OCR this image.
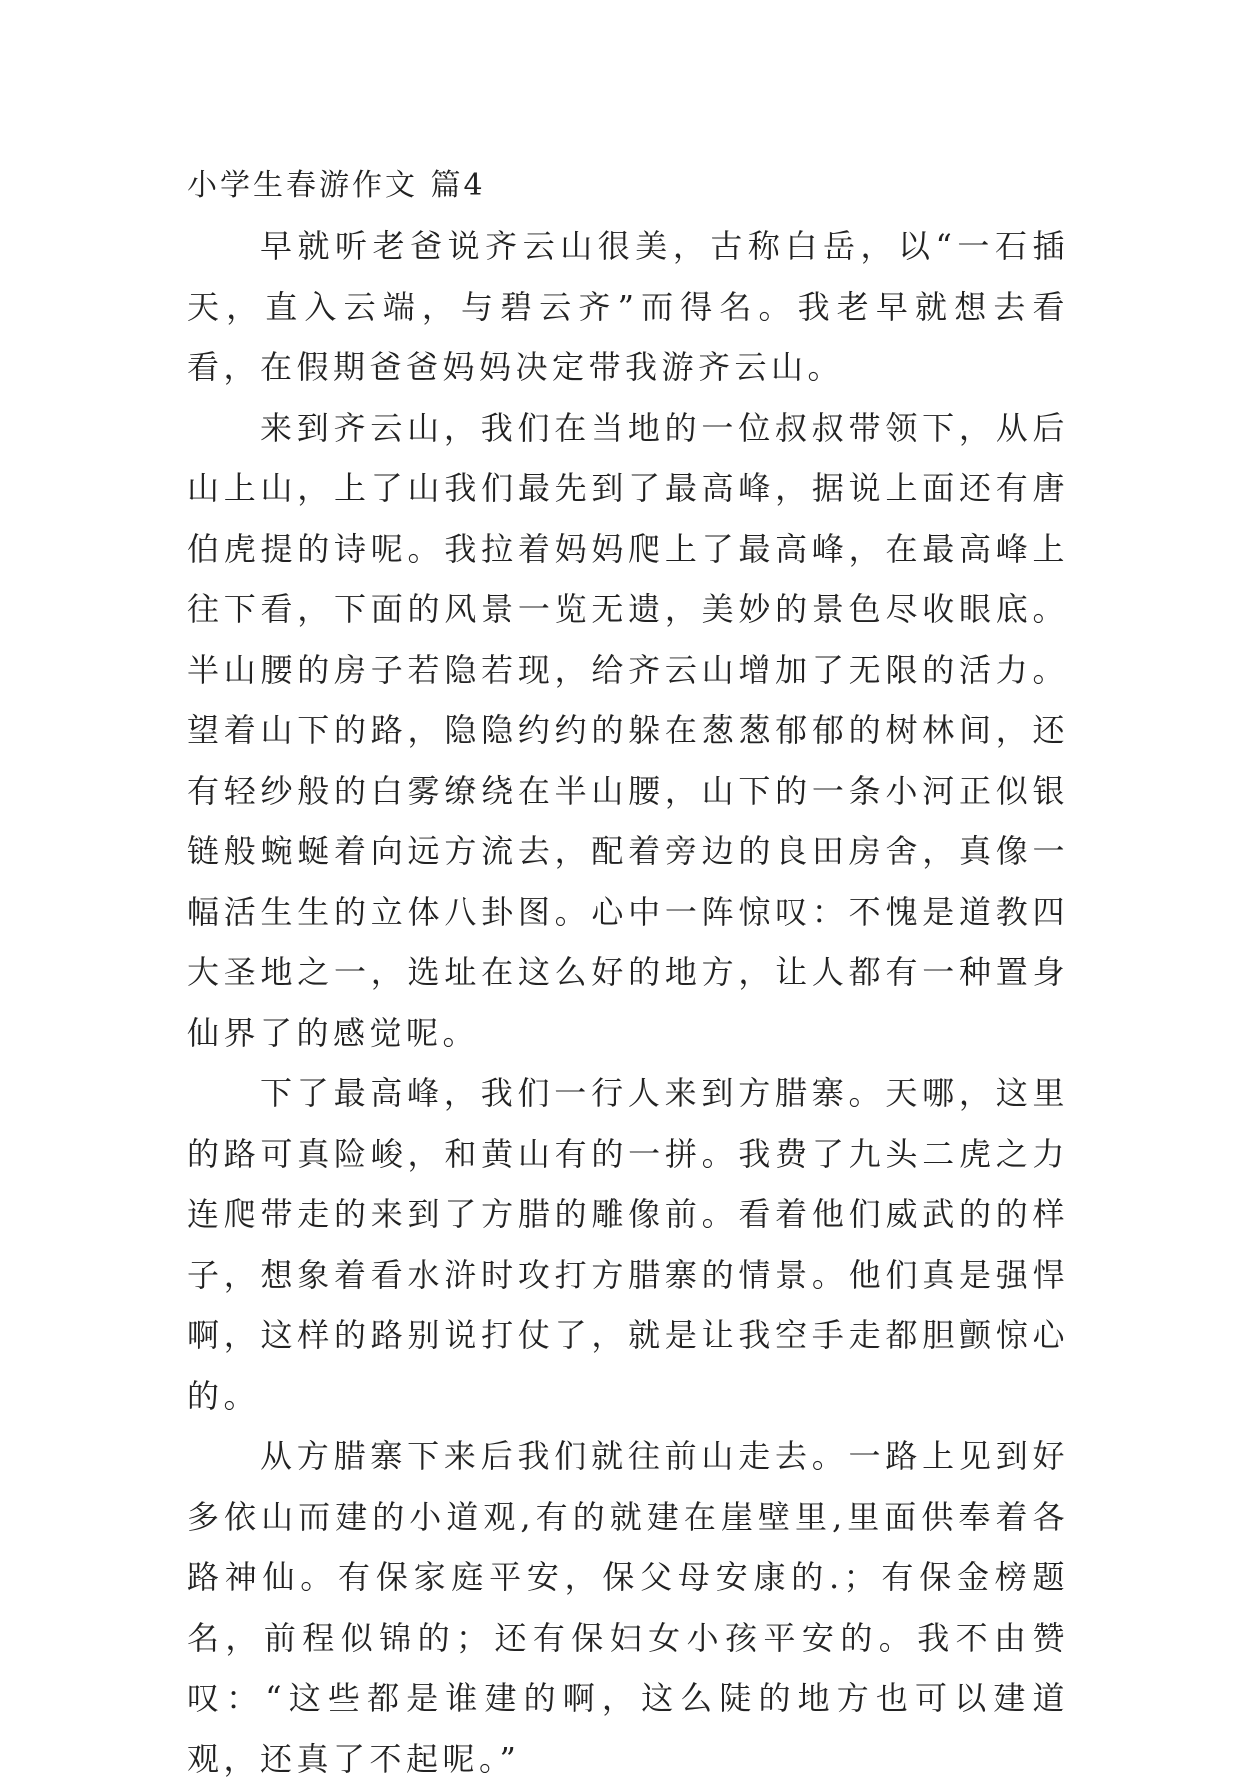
小学生春游作文 篇4

早就听老爸说齐云山很美，古称白岳，以“一石插天，直入云端，与碧云齐”而得名。我老早就想去看看，在假期爸爸妈妈决定带我游齐云山。

来到齐云山，我们在当地的一位叔叔带领下，从后山上山，上了山我们最先到了最高峰，据说上面还有唐伯虎提的诗呢。我拉着妈妈爬上了最高峰，在最高峰上往下看，下面的风景一览无遗，美妙的景色尽收眼底。半山腰的房子若隐若现，给齐云山增加了无限的活力。望着山下的路，隐隐约约的躲在葱葱郁郁的树林间，还有轻纱般的白雾缭绕在半山腰，山下的一条小河正似银链般蜿蜒着向远方流去，配着旁边的良田房舍，真像一幅活生生的立体八卦图。心中一阵惊叹：不愧是道教四大圣地之一，选址在这么好的地方，让人都有一种置身仙界了的感觉呢。

下了最高峰，我们一行人来到方腊寨。天哪，这里的路可真险峻，和黄山有的一拼。我费了九头二虎之力连爬带走的来到了方腊的雕像前。看着他们威武的的样子，想象着看水浒时攻打方腊寨的情景。他们真是强悍啊，这样的路别说打仗了，就是让我空手走都胆颤惊心的。

从方腊寨下来后我们就往前山走去。一路上见到好多依山而建的小道观,有的就建在崖壁里,里面供奉着各路神仙。有保家庭平安，保父母安康的.；有保金榜题名，前程似锦的；还有保妇女小孩平安的。我不由赞叹：“这些都是谁建的啊，这么陡的地方也可以建道观，还真了不起呢。”
